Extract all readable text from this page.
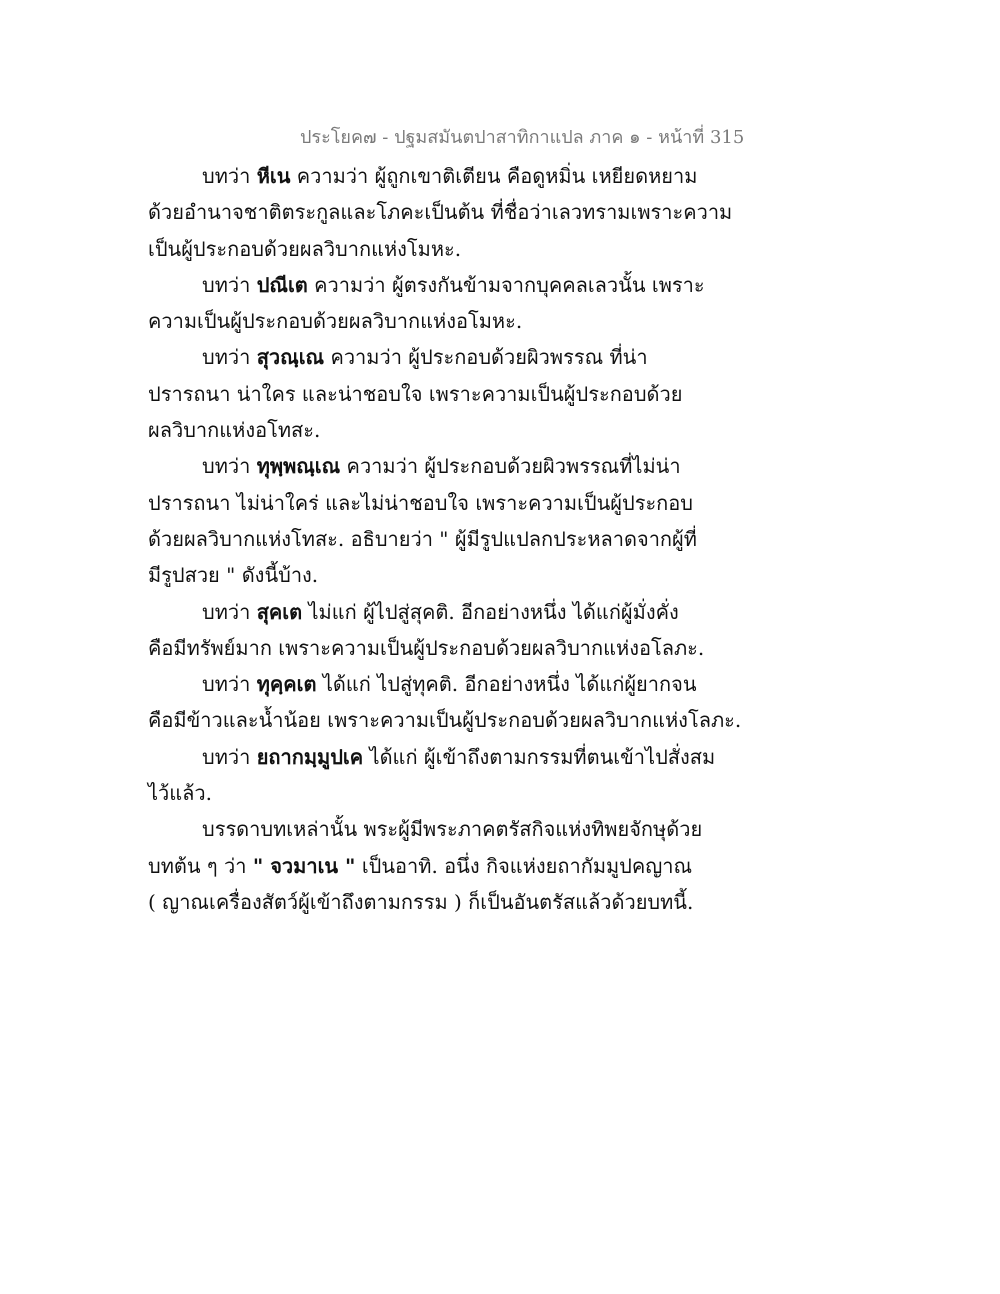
ประโยค๗ - ปฐมสมันตปาสาทิกาแปล ภาค ๑ - หน้าที่ 315
บทว่า หีเน ความว่า ผู้ถูกเขาติเตียน คือดูหมิ่น เหยียดหยาม
ด้วยอำนาจชาติตระกูลและโภคะเป็นต้น ที่ชื่อว่าเลวทรามเพราะความ
เป็นผู้ประกอบด้วยผลวิบากแห่งโมหะ.
บทว่า ปณีเต ความว่า ผู้ตรงกันข้ามจากบุคคลเลวนั้น เพราะ
ความเป็นผู้ประกอบด้วยผลวิบากแห่งอโมหะ.
บทว่า สุวณฺเณ ความว่า ผู้ประกอบด้วยผิวพรรณ ที่น่า
ปรารถนา น่าใคร และน่าชอบใจ เพราะความเป็นผู้ประกอบด้วย
ผลวิบากแห่งอโทสะ.
บทว่า ทุพฺพณฺเณ ความว่า ผู้ประกอบด้วยผิวพรรณที่ไม่น่า
ปรารถนา ไม่น่าใคร่ และไม่น่าชอบใจ เพราะความเป็นผู้ประกอบ
ด้วยผลวิบากแห่งโทสะ. อธิบายว่า " ผู้มีรูปแปลกประหลาดจากผู้ที่
มีรูปสวย " ดังนี้บ้าง.
บทว่า สุคเต ไม่แก่ ผู้ไปสู่สุคติ. อีกอย่างหนึ่ง ได้แก่ผู้มั่งคั่ง
คือมีทรัพย์มาก เพราะความเป็นผู้ประกอบด้วยผลวิบากแห่งอโลภะ.
บทว่า ทุคฺคเต ได้แก่ ไปสู่ทุคติ. อีกอย่างหนึ่ง ได้แก่ผู้ยากจน
คือมีข้าวและน้ำน้อย เพราะความเป็นผู้ประกอบด้วยผลวิบากแห่งโลภะ.
บทว่า ยถากมฺมูปเค ได้แก่ ผู้เข้าถึงตามกรรมที่ตนเข้าไปสั่งสม
ไว้แล้ว.
บรรดาบทเหล่านั้น พระผู้มีพระภาคตรัสกิจแห่งทิพยจักษุด้วย
บทต้น ๆ ว่า " จวมาเน " เป็นอาทิ. อนึ่ง กิจแห่งยถากัมมูปคญาณ
( ญาณเครื่องสัตว์ผู้เข้าถึงตามกรรม ) ก็เป็นอันตรัสแล้วด้วยบทนี้.
